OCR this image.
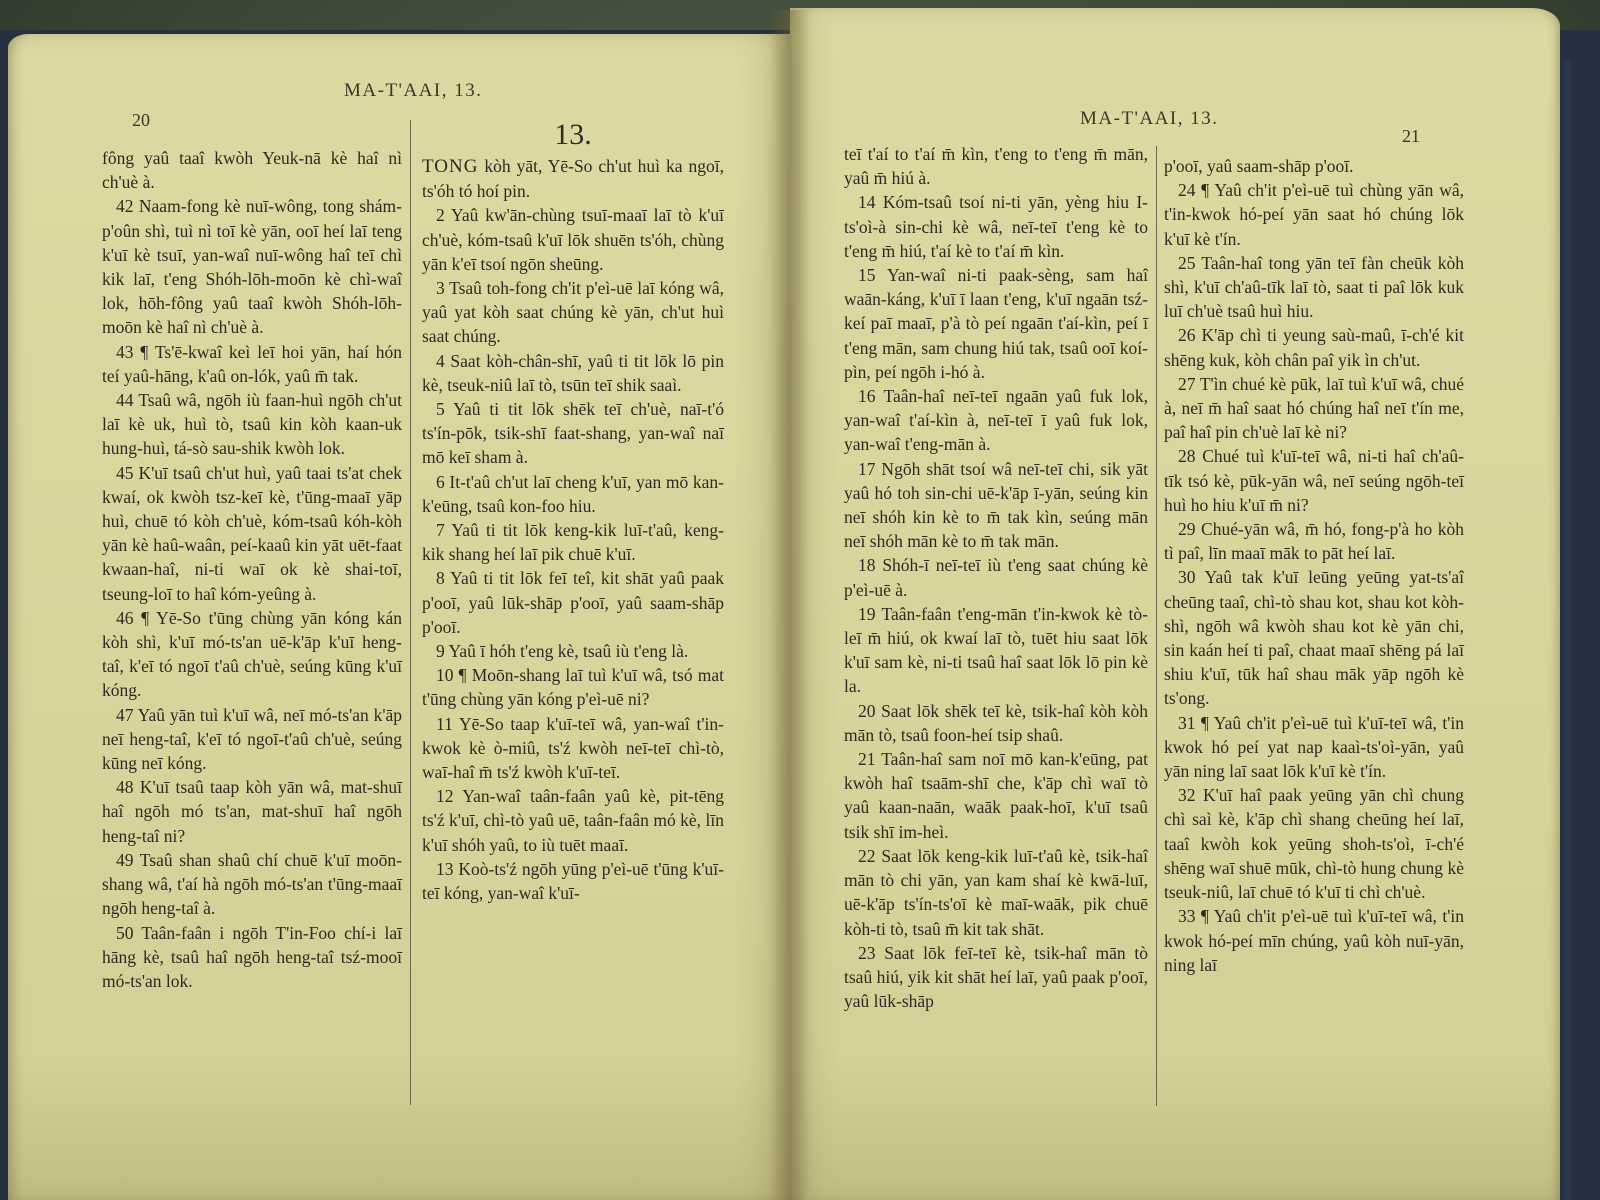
MA-T'AAI, 13.
20

fông yaû taaî kwòh Yeuk-nā kè haî nì ch'uè à.

42 Naam-fong kè nuī-wông, tong shám-p'oûn shì, tuì nì toī kè yān, ooī heí laī teng k'uī kè tsuī, yan-waî nuī-wông haî teī chì kik laī, t'eng Shóh-lōh-moōn kè chì-waî lok, hōh-fông yaû taaî kwòh Shóh-lōh-moōn kè haî nì ch'uè à.

43 ¶ Ts'ē-kwaî keì leī hoi yān, haí hón teí yaû-hāng, k'aû on-lók, yaû m̄ tak.

44 Tsaû wâ, ngōh iù faan-huì ngōh ch'ut laī kè uk, huì tò, tsaû kin kòh kaan-uk hung-huì, tá-sò sau-shik kwòh lok.

45 K'uī tsaû ch'ut huì, yaû taai ts'at chek kwaí, ok kwòh tsz-keī kè, t'ūng-maaī yāp huì, chuē tó kòh ch'uè, kóm-tsaû kóh-kòh yān kè haû-waân, peí-kaaû kin yāt uēt-faat kwaan-haî, ni-ti waī ok kè shai-toī, tseung-loī to haî kóm-yeûng à.

46 ¶ Yē-So t'ūng chùng yān kóng kán kòh shì, k'uī mó-ts'an uē-k'āp k'uī heng-taî, k'eī tó ngoī t'aû ch'uè, seúng kūng k'uī kóng.

47 Yaû yān tuì k'uī wâ, neī mó-ts'an k'āp neī heng-taî, k'eī tó ngoī-t'aû ch'uè, seúng kūng neī kóng.

48 K'uī tsaû taap kòh yān wâ, mat-shuī haî ngōh mó ts'an, mat-shuī haî ngōh heng-taî ni?

49 Tsaû shan shaû chí chuē k'uī moōn-shang wâ, t'aí hà ngōh mó-ts'an t'ūng-maaī ngōh heng-taî à.

50 Taân-faân i ngōh T'in-Foo chí-i laī hāng kè, tsaû haî ngōh heng-taî tsź-mooī mó-ts'an lok.

13.

TONG kòh yāt, Yē-So ch'ut huì ka ngoī, ts'óh tó hoí pin.

2 Yaû kw'ān-chùng tsuī-maaī laī tò k'uī ch'uè, kóm-tsaû k'uī lōk shuēn ts'óh, chùng yān k'eī tsoí ngōn sheūng.

3 Tsaû toh-fong ch'it p'eì-uē laī kóng wâ, yaû yat kòh saat chúng kè yān, ch'ut huì saat chúng.

4 Saat kòh-chân-shī, yaû ti tit lōk lō pin kè, tseuk-niû laī tò, tsūn teī shik saaì.

5 Yaû ti tit lōk shēk teī ch'uè, naī-t'ó ts'ín-pōk, tsik-shī faat-shang, yan-waî naī mō keī sham à.

6 It-t'aû ch'ut laī cheng k'uī, yan mō kan-k'eūng, tsaû kon-foo hiu.

7 Yaû ti tit lōk keng-kik luī-t'aû, keng-kik shang heí laī pik chuē k'uī.

8 Yaû ti tit lōk feī teî, kit shāt yaû paak p'ooī, yaû lūk-shāp p'ooī, yaû saam-shāp p'ooī.

9 Yaû ī hóh t'eng kè, tsaû iù t'eng là.

10 ¶ Moōn-shang laī tuì k'uī wâ, tsó mat t'ūng chùng yān kóng p'eì-uē ni?

11 Yē-So taap k'uī-teī wâ, yan-waî t'in-kwok kè ò-miû, ts'ź kwòh neī-teī chì-tò, waī-haî m̄ ts'ź kwòh k'uī-teī.

12 Yan-waî taân-faân yaû kè, pit-tēng ts'ź k'uī, chì-tò yaû uē, taân-faân mó kè, līn k'uī shóh yaû, to iù tuēt maaī.

13 Koò-ts'ź ngōh yūng p'eì-uē t'ūng k'uī-teī kóng, yan-waî k'uī-

MA-T'AAI, 13.
21

teī t'aí to t'aí m̄ kìn, t'eng to t'eng m̄ mān, yaû m̄ hiú à.

14 Kóm-tsaû tsoí ni-ti yān, yèng hiu I-ts'oì-à sin-chi kè wâ, neī-teī t'eng kè to t'eng m̄ hiú, t'aí kè to t'aí m̄ kìn.

15 Yan-waî ni-ti paak-sèng, sam haî waān-káng, k'uī ī laan t'eng, k'uī ngaān tsź-keí paī maaī, p'à tò peí ngaān t'aí-kìn, peí ī t'eng mān, sam chung hiú tak, tsaû ooī koí-pìn, peí ngōh i-hó à.

16 Taân-haî neī-teī ngaān yaû fuk lok, yan-waî t'aí-kìn à, neī-teī ī yaû fuk lok, yan-waî t'eng-mān à.

17 Ngōh shāt tsoí wâ neī-teī chi, sik yāt yaû hó toh sin-chi uē-k'āp ī-yān, seúng kin neī shóh kin kè to m̄ tak kìn, seúng mān neī shóh mān kè to m̄ tak mān.

18 Shóh-ī neī-teī iù t'eng saat chúng kè p'eì-uē à.

19 Taân-faân t'eng-mān t'in-kwok kè tò-leī m̄ hiú, ok kwaí laī tò, tuēt hiu saat lōk k'uī sam kè, ni-ti tsaû haî saat lōk lō pin kè la.

20 Saat lōk shēk teī kè, tsik-haî kòh kòh mān tò, tsaû foon-heí tsip shaû.

21 Taân-haî sam noī mō kan-k'eūng, pat kwòh haî tsaām-shī che, k'āp chì waī tò yaû kaan-naān, waāk paak-hoī, k'uī tsaû tsik shī im-heì.

22 Saat lōk keng-kik luī-t'aû kè, tsik-haî mān tò chi yān, yan kam shaí kè kwā-luī, uē-k'āp ts'ín-ts'oī kè maī-waāk, pik chuē kòh-ti tò, tsaû m̄ kit tak shāt.

23 Saat lōk feī-teī kè, tsik-haî mān tò tsaû hiú, yik kit shāt heí laī, yaû paak p'ooī, yaû lūk-shāp

p'ooī, yaû saam-shāp p'ooī.

24 ¶ Yaû ch'it p'eì-uē tuì chùng yān wâ, t'in-kwok hó-peí yān saat hó chúng lōk k'uī kè t'ín.

25 Taân-haî tong yān teī fàn cheūk kòh shì, k'uī ch'aû-tīk laī tò, saat ti paî lōk kuk luī ch'uè tsaû huì hiu.

26 K'āp chì ti yeung saù-maû, ī-ch'é kit shēng kuk, kòh chân paî yik ìn ch'ut.

27 T'ìn chué kè pūk, laī tuì k'uī wâ, chué à, neī m̄ haî saat hó chúng haî neī t'ín me, paî haî pin ch'uè laī kè ni?

28 Chué tuì k'uī-teī wâ, ni-ti haî ch'aû-tīk tsó kè, pūk-yān wâ, neī seúng ngōh-teī huì ho hiu k'uī m̄ ni?

29 Chué-yān wâ, m̄ hó, fong-p'à ho kòh tì paî, līn maaī māk to pāt heí laī.

30 Yaû tak k'uī leūng yeūng yat-ts'aî cheūng taaî, chì-tò shau kot, shau kot kòh-shì, ngōh wâ kwòh shau kot kè yān chi, sin kaán heí ti paî, chaat maaī shēng pá laī shiu k'uī, tūk haî shau māk yāp ngōh kè ts'ong.

31 ¶ Yaû ch'it p'eì-uē tuì k'uī-teī wâ, t'in kwok hó peí yat nap kaaì-ts'oì-yān, yaû yān ning laī saat lōk k'uī kè t'ín.

32 K'uī haî paak yeūng yān chì chung chì saì kè, k'āp chì shang cheūng heí laī, taaî kwòh kok yeūng shoh-ts'oì, ī-ch'é shēng waī shuē mūk, chì-tò hung chung kè tseuk-niû, laī chuē tó k'uī ti chì ch'uè.

33 ¶ Yaû ch'it p'eì-uē tuì k'uī-teī wâ, t'in kwok hó-peí mīn chúng, yaû kòh nuī-yān, ning laī
